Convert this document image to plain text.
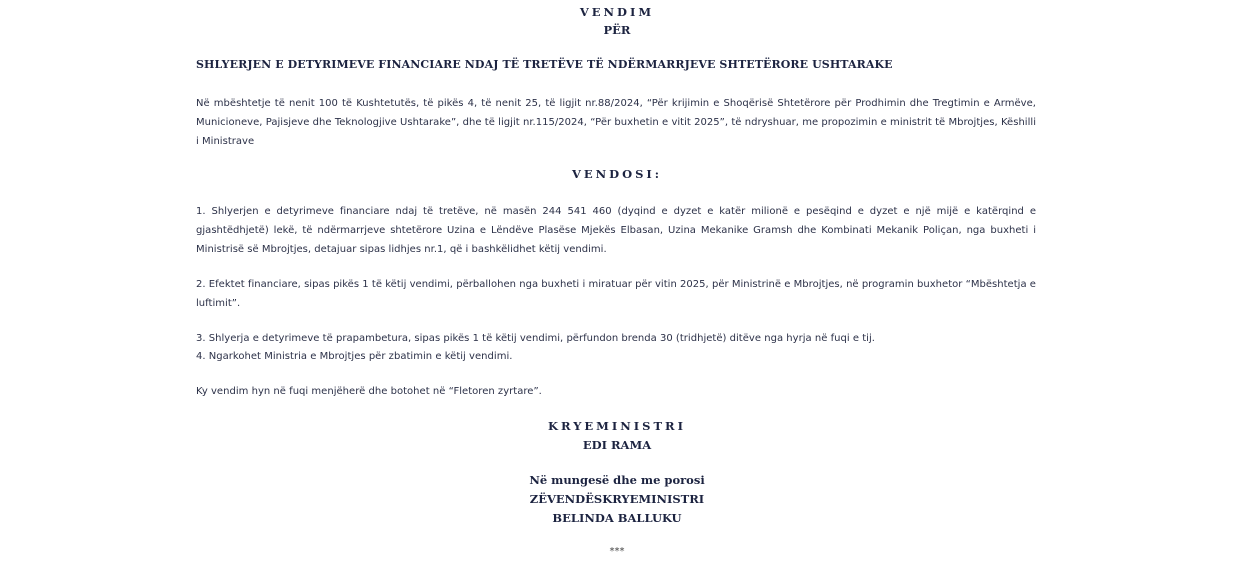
VENDIM
PËR
SHLYERJEN E DETYRIMEVE FINANCIARE NDAJ TË TRETËVE TË NDËRMARRJEVE SHTETËRORE USHTARAKE
Në mbështetje të nenit 100 të Kushtetutës, të pikës 4, të nenit 25, të ligjit nr.88/2024, “Për krijimin e Shoqërisë Shtetërore për Prodhimin dhe Tregtimin e Armëve, Municioneve, Pajisjeve dhe Teknologjive Ushtarake”, dhe të ligjit nr.115/2024, “Për buxhetin e vitit 2025”, të ndryshuar, me propozimin e ministrit të Mbrojtjes, Këshilli i Ministrave
VENDOSI:
1. Shlyerjen e detyrimeve financiare ndaj të tretëve, në masën 244 541 460 (dyqind e dyzet e katër milionë e pesëqind e dyzet e një mijë e katërqind e gjashtëdhjetë) lekë, të ndërmarrjeve shtetërore Uzina e Lëndëve Plasëse Mjekës Elbasan, Uzina Mekanike Gramsh dhe Kombinati Mekanik Poliçan, nga buxheti i Ministrisë së Mbrojtjes, detajuar sipas lidhjes nr.1, që i bashkëlidhet këtij vendimi.
2. Efektet financiare, sipas pikës 1 të këtij vendimi, përballohen nga buxheti i miratuar për vitin 2025, për Ministrinë e Mbrojtjes, në programin buxhetor “Mbështetja e luftimit”.
3. Shlyerja e detyrimeve të prapambetura, sipas pikës 1 të këtij vendimi, përfundon brenda 30 (tridhjetë) ditëve nga hyrja në fuqi e tij.
4. Ngarkohet Ministria e Mbrojtjes për zbatimin e këtij vendimi.
Ky vendim hyn në fuqi menjëherë dhe botohet në “Fletoren zyrtare”.
KRYEMINISTRI
EDI RAMA
Në mungesë dhe me porosi
ZËVENDËSKRYEMINISTRI
BELINDA BALLUKU
***
